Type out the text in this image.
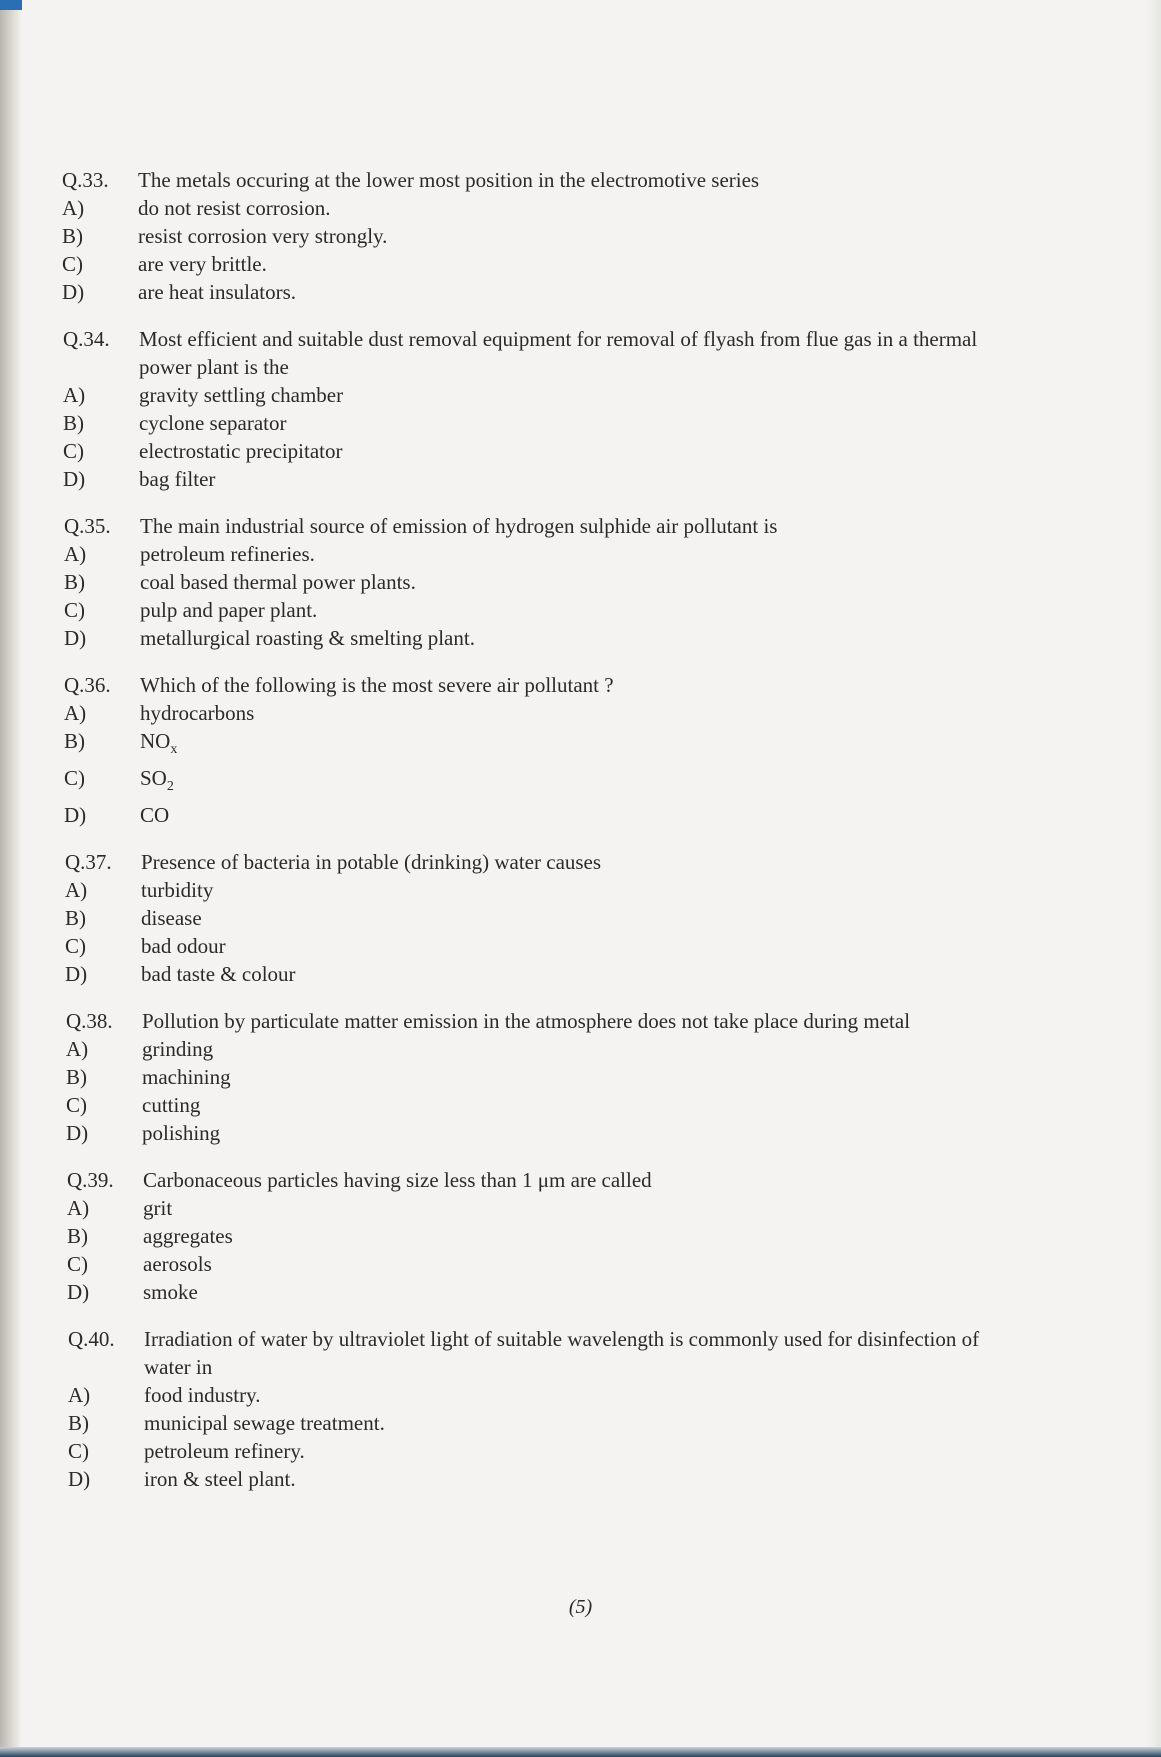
Q.33.	The metals occuring at the lower most position in the electromotive series
A)	do not resist corrosion.
B)	resist corrosion very strongly.
C)	are very brittle.
D)	are heat insulators.
Q.34.	Most efficient and suitable dust removal equipment for removal of flyash from flue gas in a thermal power plant is the
A)	gravity settling chamber
B)	cyclone separator
C)	electrostatic precipitator
D)	bag filter
Q.35.	The main industrial source of emission of hydrogen sulphide air pollutant is
A)	petroleum refineries.
B)	coal based thermal power plants.
C)	pulp and paper plant.
D)	metallurgical roasting & smelting plant.
Q.36.	Which of the following is the most severe air pollutant ?
A)	hydrocarbons
B)	$NO_x$
C)	$SO_2$
D)	CO
Q.37.	Presence of bacteria in potable (drinking) water causes
A)	turbidity
B)	disease
C)	bad odour
D)	bad taste & colour
Q.38.	Pollution by particulate matter emission in the atmosphere does not take place during metal
A)	grinding
B)	machining
C)	cutting
D)	polishing
Q.39.	Carbonaceous particles having size less than 1 μm are called
A)	grit
B)	aggregates
C)	aerosols
D)	smoke
Q.40.	Irradiation of water by ultraviolet light of suitable wavelength is commonly used for disinfection of water in
A)	food industry.
B)	municipal sewage treatment.
C)	petroleum refinery.
D)	iron & steel plant.
(5)
